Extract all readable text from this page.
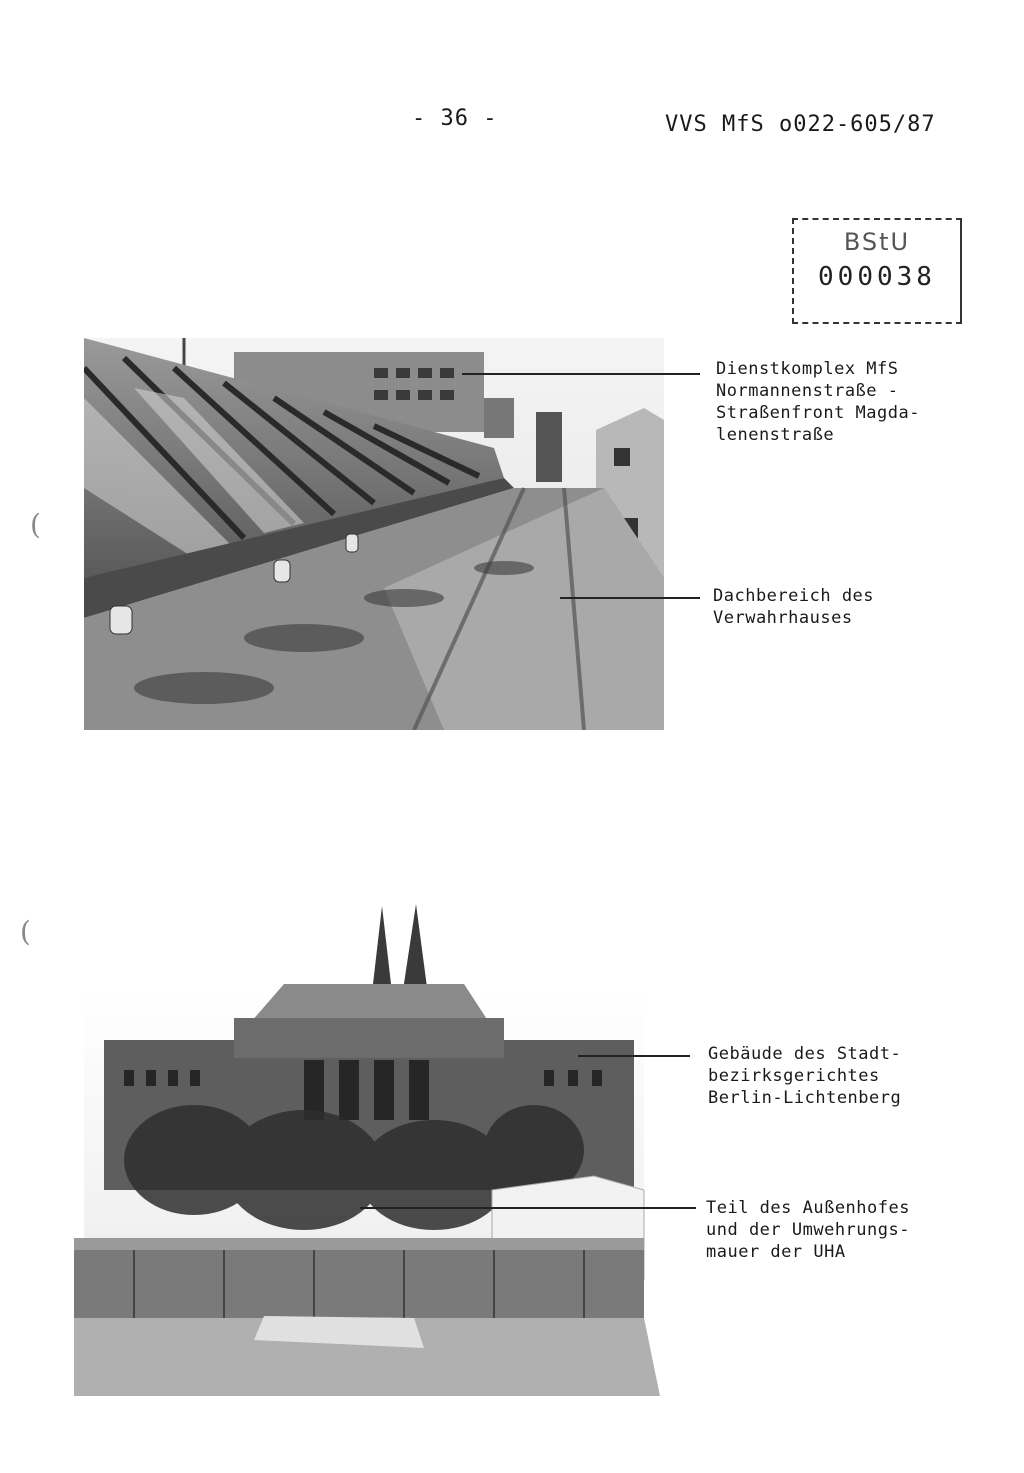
- 36 -	VVS MfS o022-605/87
BStU
000038
(
(
Dienstkomplex MfS
Normannenstraße -
Straßenfront Magda-
lenenstraße
Dachbereich des
Verwahrhauses
Gebäude des Stadt-
bezirksgerichtes
Berlin-Lichtenberg
Teil des Außenhofes
und der Umwehrungs-
mauer der UHA
